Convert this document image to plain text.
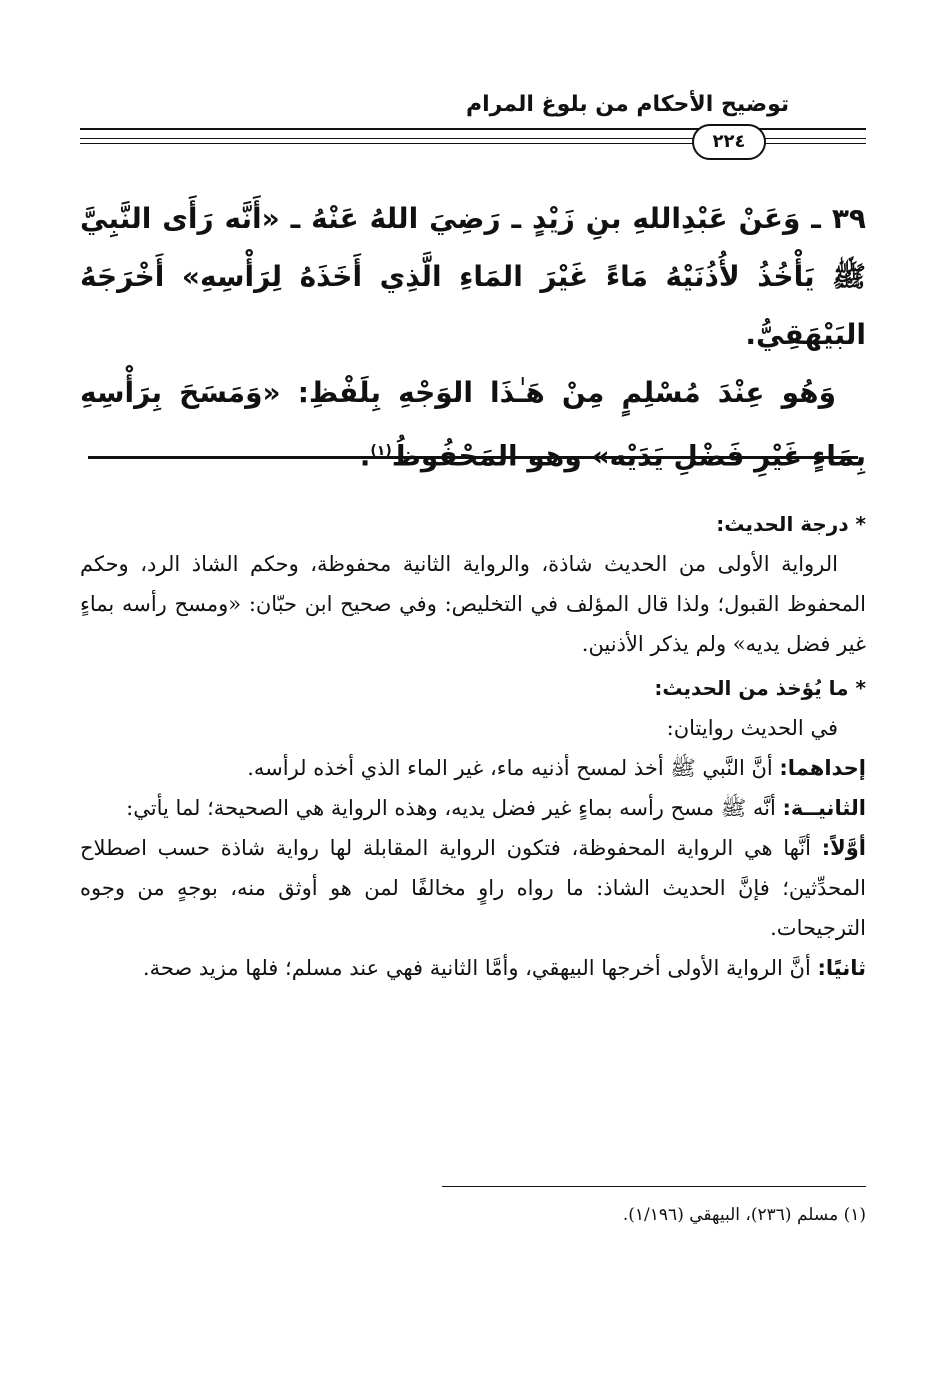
توضيح الأحكام من بلوغ المرام
٢٢٤

٣٩ ـ وَعَنْ عَبْدِاللهِ بنِ زَيْدٍ ـ رَضِيَ اللهُ عَنْهُ ـ «أَنَّه رَأَى النَّبِيَّ ﷺ يَأْخُذُ لأُذُنَيْهُ مَاءً غَيْرَ المَاءِ الَّذِي أَخَذَهُ لِرَأْسِهِ» أَخْرَجَهُ البَيْهَقِيُّ.

وَهُو عِنْدَ مُسْلِمٍ مِنْ هَـٰذَا الوَجْهِ بِلَفْظِ: «وَمَسَحَ بِرَأْسِهِ بِمَاءٍ غَيْرِ فَضْلِ يَدَيْه» وهو المَحْفُوظُ$^{(١)}$.

* درجة الحديث:

الرواية الأولى من الحديث شاذة، والرواية الثانية محفوظة، وحكم الشاذ الرد، وحكم المحفوظ القبول؛ ولذا قال المؤلف في التخليص: وفي صحيح ابن حبّان: «ومسح رأسه بماءٍ غير فضل يديه» ولم يذكر الأذنين.

* ما يُؤخذ من الحديث:

في الحديث روايتان:

إحداهما: أنَّ النَّبي ﷺ أخذ لمسح أذنيه ماء، غير الماء الذي أخذه لرأسه.

الثانيــة: أنَّه ﷺ مسح رأسه بماءٍ غير فضل يديه، وهذه الرواية هي الصحيحة؛ لما يأتي:

أوَّلاً: أنَّها هي الرواية المحفوظة، فتكون الرواية المقابلة لها رواية شاذة حسب اصطلاح المحدِّثين؛ فإنَّ الحديث الشاذ: ما رواه راوٍ مخالفًا لمن هو أوثق منه، بوجهٍ من وجوه الترجيحات.

ثانيًا: أنَّ الرواية الأولى أخرجها البيهقي، وأمَّا الثانية فهي عند مسلم؛ فلها مزيد صحة.

(١) مسلم (٢٣٦)، البيهقي (١/١٩٦).
